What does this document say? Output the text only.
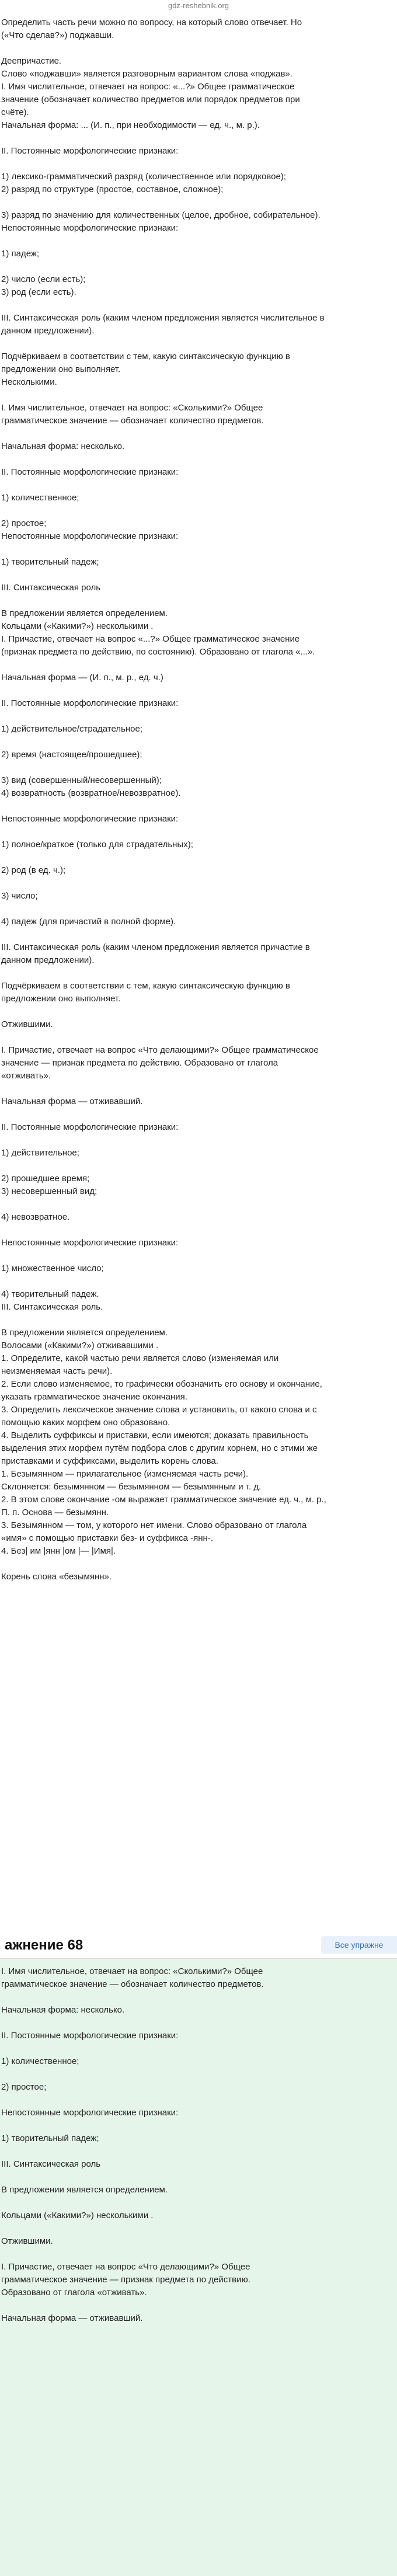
gdz-reshebnik.org

Определить часть речи можно по вопросу, на который слово отвечает. Но

(«Что сделав?») поджавши.

Деепричастие.

Слово «поджавши» является разговорным вариантом слова «поджав».

I. Имя числительное, отвечает на вопрос: «...?» Общее грамматическое

значение (обозначает количество предметов или порядок предметов при

счёте).

Начальная форма: ... (И. п., при необходимости — ед. ч., м. р.).

II. Постоянные морфологические признаки:

1) лексико-грамматический разряд (количественное или порядковое);

2) разряд по структуре (простое, составное, сложное);

3) разряд по значению для количественных (целое, дробное, собирательное).

Непостоянные морфологические признаки:

1) падеж;

2) число (если есть);

3) род (если есть).

III. Синтаксическая роль (каким членом предложения является числительное в

данном предложении).

Подчёркиваем в соответствии с тем, какую синтаксическую функцию в

предложении оно выполняет.

Несколькими.

I. Имя числительное, отвечает на вопрос: «Сколькими?» Общее

грамматическое значение — обозначает количество предметов.

Начальная форма: несколько.

II. Постоянные морфологические признаки:

1) количественное;

2) простое;

Непостоянные морфологические признаки:

1) творительный падеж;

III. Синтаксическая роль

В предложении является определением.

Кольцами («Какими?») несколькими .

I. Причастие, отвечает на вопрос «...?» Общее грамматическое значение

(признак предмета по действию, по состоянию). Образовано от глагола «...».

Начальная форма — (И. п., м. р., ед. ч.)

II. Постоянные морфологические признаки:

1) действительное/страдательное;

2) время (настоящее/прошедшее);

3) вид (совершенный/несовершенный);

4) возвратность (возвратное/невозвратное).

Непостоянные морфологические признаки:

1) полное/краткое (только для страдательных);

2) род (в ед. ч.);

3) число;

4) падеж (для причастий в полной форме).

III. Синтаксическая роль (каким членом предложения является причастие в

данном предложении).

Подчёркиваем в соответствии с тем, какую синтаксическую функцию в

предложении оно выполняет.

Отжившими.

I. Причастие, отвечает на вопрос «Что делающими?» Общее грамматическое

значение — признак предмета по действию. Образовано от глагола

«отживать».

Начальная форма — отживавший.

II. Постоянные морфологические признаки:

1) действительное;

2) прошедшее время;

3) несовершенный вид;

4) невозвратное.

Непостоянные морфологические признаки:

1) множественное число;

4) творительный падеж.

III. Синтаксическая роль.

В предложении является определением.

Волосами («Какими?») отживавшими .

1. Определите, какой частью речи является слово (изменяемая или

неизменяемая часть речи).

2. Если слово изменяемое, то графически обозначить его основу и окончание,

указать грамматическое значение окончания.

3. Определить лексическое значение слова и установить, от какого слова и с

помощью каких морфем оно образовано.

4. Выделить суффиксы и приставки, если имеются; доказать правильность

выделения этих морфем путём подбора слов с другим корнем, но с этими же

приставками и суффиксами, выделить корень слова.

1. Безымянном — прилагательное (изменяемая часть речи).

Склоняется: безымянном — безымянном — безымянным и т. д.

2. В этом слове окончание -ом выражает грамматическое значение ед. ч., м. р.,

П. п. Основа — безымянн.

3. Безымянном — том, у которого нет имени. Слово образовано от глагола

«имя» с помощью приставки без- и суффикса -янн-.

4. Без| им |янн |ом |— |Имя|.

Корень слова «безымянн».

ажнение 68	Все упражне

I. Имя числительное, отвечает на вопрос: «Сколькими?» Общее

грамматическое значение — обозначает количество предметов.

Начальная форма: несколько.

II. Постоянные морфологические признаки:

1) количественное;

2) простое;

Непостоянные морфологические признаки:

1) творительный падеж;

III. Синтаксическая роль

В предложении является определением.

Кольцами («Какими?») несколькими .

Отжившими.

I. Причастие, отвечает на вопрос «Что делающими?» Общее

грамматическое значение — признак предмета по действию.

Образовано от глагола «отживать».

Начальная форма — отживавший.
